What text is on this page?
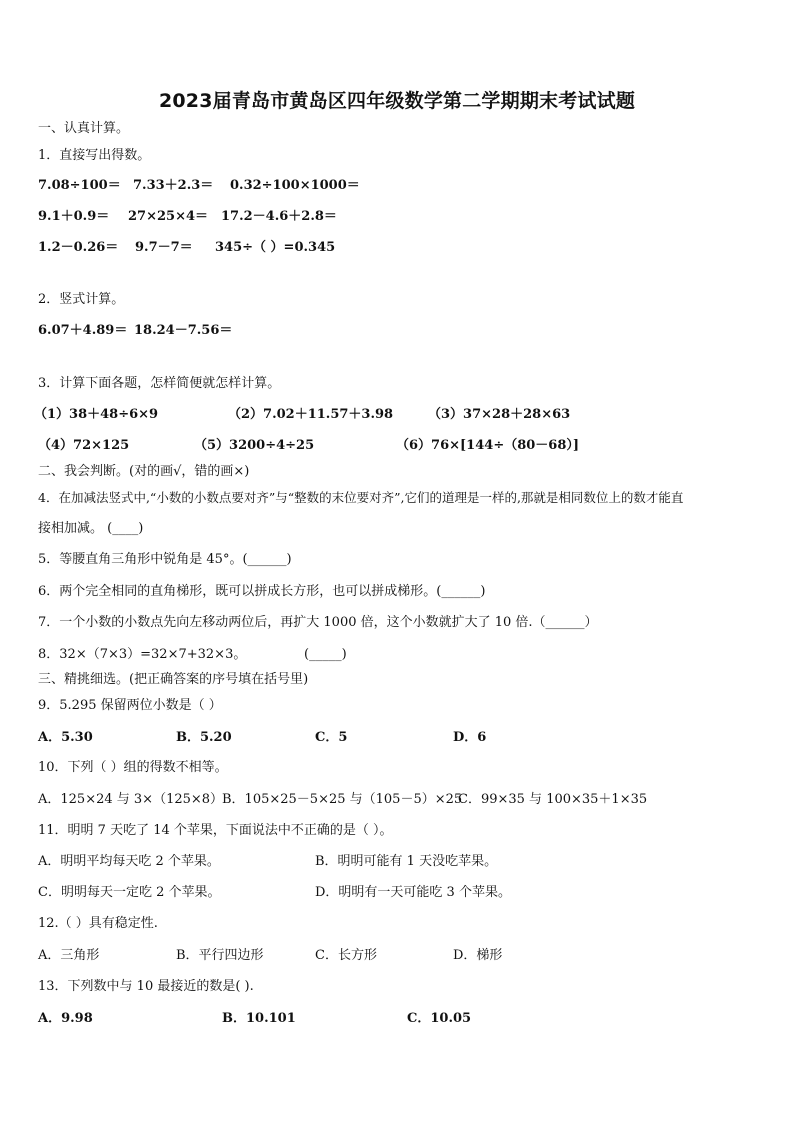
2023届青岛市黄岛区四年级数学第二学期期末考试试题
一、认真计算。
1．直接写出得数。
7.08÷100＝ 7.33＋2.3＝ 0.32÷100×1000＝
9.1＋0.9＝ 27×25×4＝ 17.2－4.6＋2.8＝
1.2－0.26＝ 9.7－7＝ 345÷（ ）=0.345
2．竖式计算。
6.07＋4.89＝ 18.24－7.56＝
3．计算下面各题，怎样简便就怎样计算。
（1）38＋48÷6×9	（2）7.02＋11.57＋3.98	（3）37×28＋28×63
（4）72×125	（5）3200÷4÷25	（6）76×[144÷（80－68）]
二、我会判断。(对的画√，错的画×)
4．在加减法竖式中,“小数的小数点要对齐”与“整数的末位要对齐”,它们的道理是一样的,那就是相同数位上的数才能直
接相加减。 (____)
5．等腰直角三角形中锐角是 45°。(______)
6．两个完全相同的直角梯形，既可以拼成长方形，也可以拼成梯形。(______)
7．一个小数的小数点先向左移动两位后，再扩大 1000 倍，这个小数就扩大了 10 倍.（______）
8．32×（7×3）=32×7+32×3。	(_____)
三、精挑细选。(把正确答案的序号填在括号里)
9．5.295 保留两位小数是（ ）
A．5.30	B．5.20	C．5	D．6
10．下列（ ）组的得数不相等。
A．125×24 与 3×（125×8）
B．105×25－5×25 与（105－5）×25
C．99×35 与 100×35＋1×35
11．明明 7 天吃了 14 个苹果，下面说法中不正确的是（ ）。
A．明明平均每天吃 2 个苹果。	B．明明可能有 1 天没吃苹果。
C．明明每天一定吃 2 个苹果。	D．明明有一天可能吃 3 个苹果。
12.（ ）具有稳定性.
A．三角形	B．平行四边形	C．长方形	D．梯形
13．下列数中与 10 最接近的数是( ).
A．9.98	B．10.101	C．10.05
